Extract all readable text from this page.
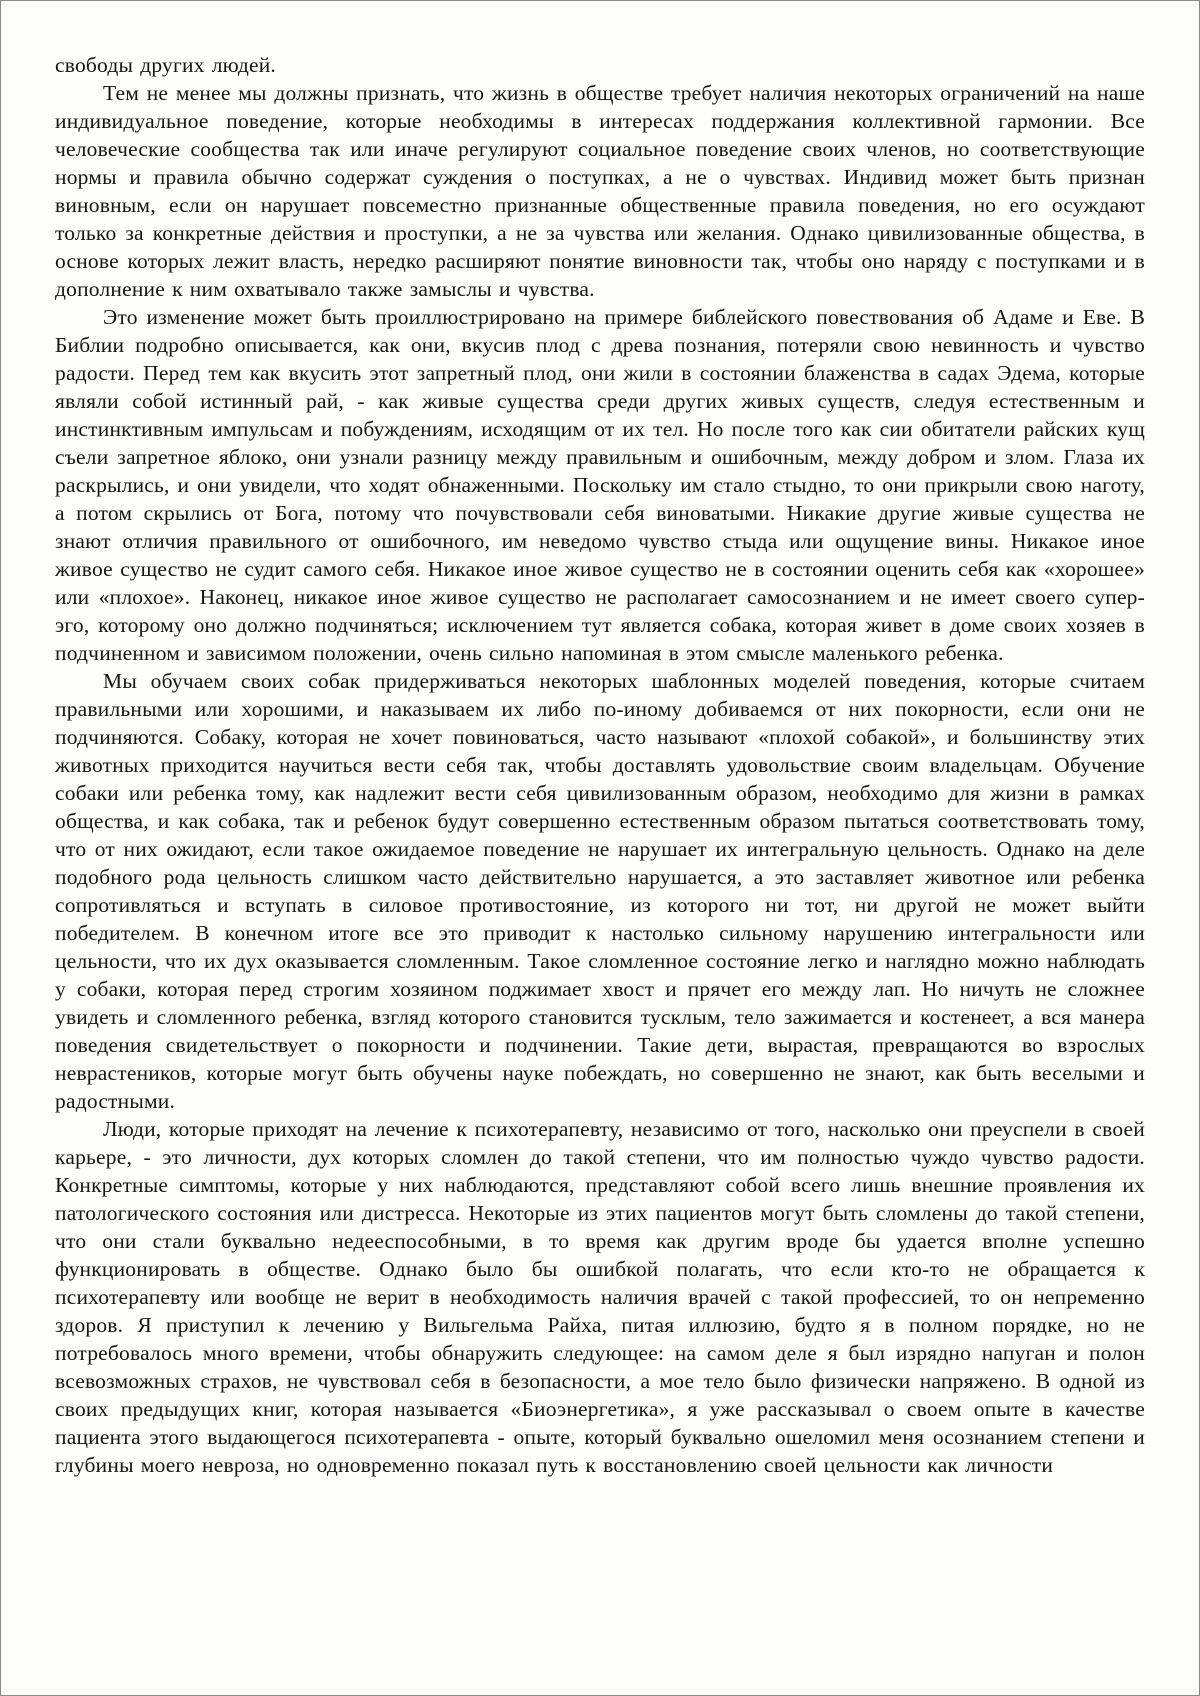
свободы других людей.

Тем не менее мы должны признать, что жизнь в обществе требует наличия некоторых ограничений на наше индивидуальное поведение, которые необходимы в интересах поддержания коллективной гармонии. Все человеческие сообщества так или иначе регулируют социальное поведение своих членов, но соответствующие нормы и правила обычно содержат суждения о поступках, а не о чувствах. Индивид может быть признан виновным, если он нарушает повсеместно признанные общественные правила поведения, но его осуждают только за конкретные действия и проступки, а не за чувства или желания. Однако цивилизованные общества, в основе которых лежит власть, нередко расширяют понятие виновности так, чтобы оно наряду с поступками и в дополнение к ним охватывало также замыслы и чувства.

Это изменение может быть проиллюстрировано на примере библейского повествования об Адаме и Еве. В Библии подробно описывается, как они, вкусив плод с древа познания, потеряли свою невинность и чувство радости. Перед тем как вкусить этот запретный плод, они жили в состоянии блаженства в садах Эдема, которые являли собой истинный рай, - как живые существа среди других живых существ, следуя естественным и инстинктивным импульсам и побуждениям, исходящим от их тел. Но после того как сии обитатели райских кущ съели запретное яблоко, они узнали разницу между правильным и ошибочным, между добром и злом. Глаза их раскрылись, и они увидели, что ходят обнаженными. Поскольку им стало стыдно, то они прикрыли свою наготу, а потом скрылись от Бога, потому что почувствовали себя виноватыми. Никакие другие живые существа не знают отличия правильного от ошибочного, им неведомо чувство стыда или ощущение вины. Никакое иное живое существо не судит самого себя. Никакое иное живое существо не в состоянии оценить себя как «хорошее» или «плохое». Наконец, никакое иное живое существо не располагает самосознанием и не имеет своего супер-эго, которому оно должно подчиняться; исключением тут является собака, которая живет в доме своих хозяев в подчиненном и зависимом положении, очень сильно напоминая в этом смысле маленького ребенка.

Мы обучаем своих собак придерживаться некоторых шаблонных моделей поведения, которые считаем правильными или хорошими, и наказываем их либо по-иному добиваемся от них покорности, если они не подчиняются. Собаку, которая не хочет повиноваться, часто называют «плохой собакой», и большинству этих животных приходится научиться вести себя так, чтобы доставлять удовольствие своим владельцам. Обучение собаки или ребенка тому, как надлежит вести себя цивилизованным образом, необходимо для жизни в рамках общества, и как собака, так и ребенок будут совершенно естественным образом пытаться соответствовать тому, что от них ожидают, если такое ожидаемое поведение не нарушает их интегральную цельность. Однако на деле подобного рода цельность слишком часто действительно нарушается, а это заставляет животное или ребенка сопротивляться и вступать в силовое противостояние, из которого ни тот, ни другой не может выйти победителем. В конечном итоге все это приводит к настолько сильному нарушению интегральности или цельности, что их дух оказывается сломленным. Такое сломленное состояние легко и наглядно можно наблюдать у собаки, которая перед строгим хозяином поджимает хвост и прячет его между лап. Но ничуть не сложнее увидеть и сломленного ребенка, взгляд которого становится тусклым, тело зажимается и костенеет, а вся манера поведения свидетельствует о покорности и подчинении. Такие дети, вырастая, превращаются во взрослых неврастеников, которые могут быть обучены науке побеждать, но совершенно не знают, как быть веселыми и радостными.

Люди, которые приходят на лечение к психотерапевту, независимо от того, насколько они преуспели в своей карьере, - это личности, дух которых сломлен до такой степени, что им полностью чуждо чувство радости. Конкретные симптомы, которые у них наблюдаются, представляют собой всего лишь внешние проявления их патологического состояния или дистресса. Некоторые из этих пациентов могут быть сломлены до такой степени, что они стали буквально недееспособными, в то время как другим вроде бы удается вполне успешно функционировать в обществе. Однако было бы ошибкой полагать, что если кто-то не обращается к психотерапевту или вообще не верит в необходимость наличия врачей с такой профессией, то он непременно здоров. Я приступил к лечению у Вильгельма Райха, питая иллюзию, будто я в полном порядке, но не потребовалось много времени, чтобы обнаружить следующее: на самом деле я был изрядно напуган и полон всевозможных страхов, не чувствовал себя в безопасности, а мое тело было физически напряжено. В одной из своих предыдущих книг, которая называется «Биоэнергетика», я уже рассказывал о своем опыте в качестве пациента этого выдающегося психотерапевта - опыте, который буквально ошеломил меня осознанием степени и глубины моего невроза, но одновременно показал путь к восстановлению своей цельности как личности
